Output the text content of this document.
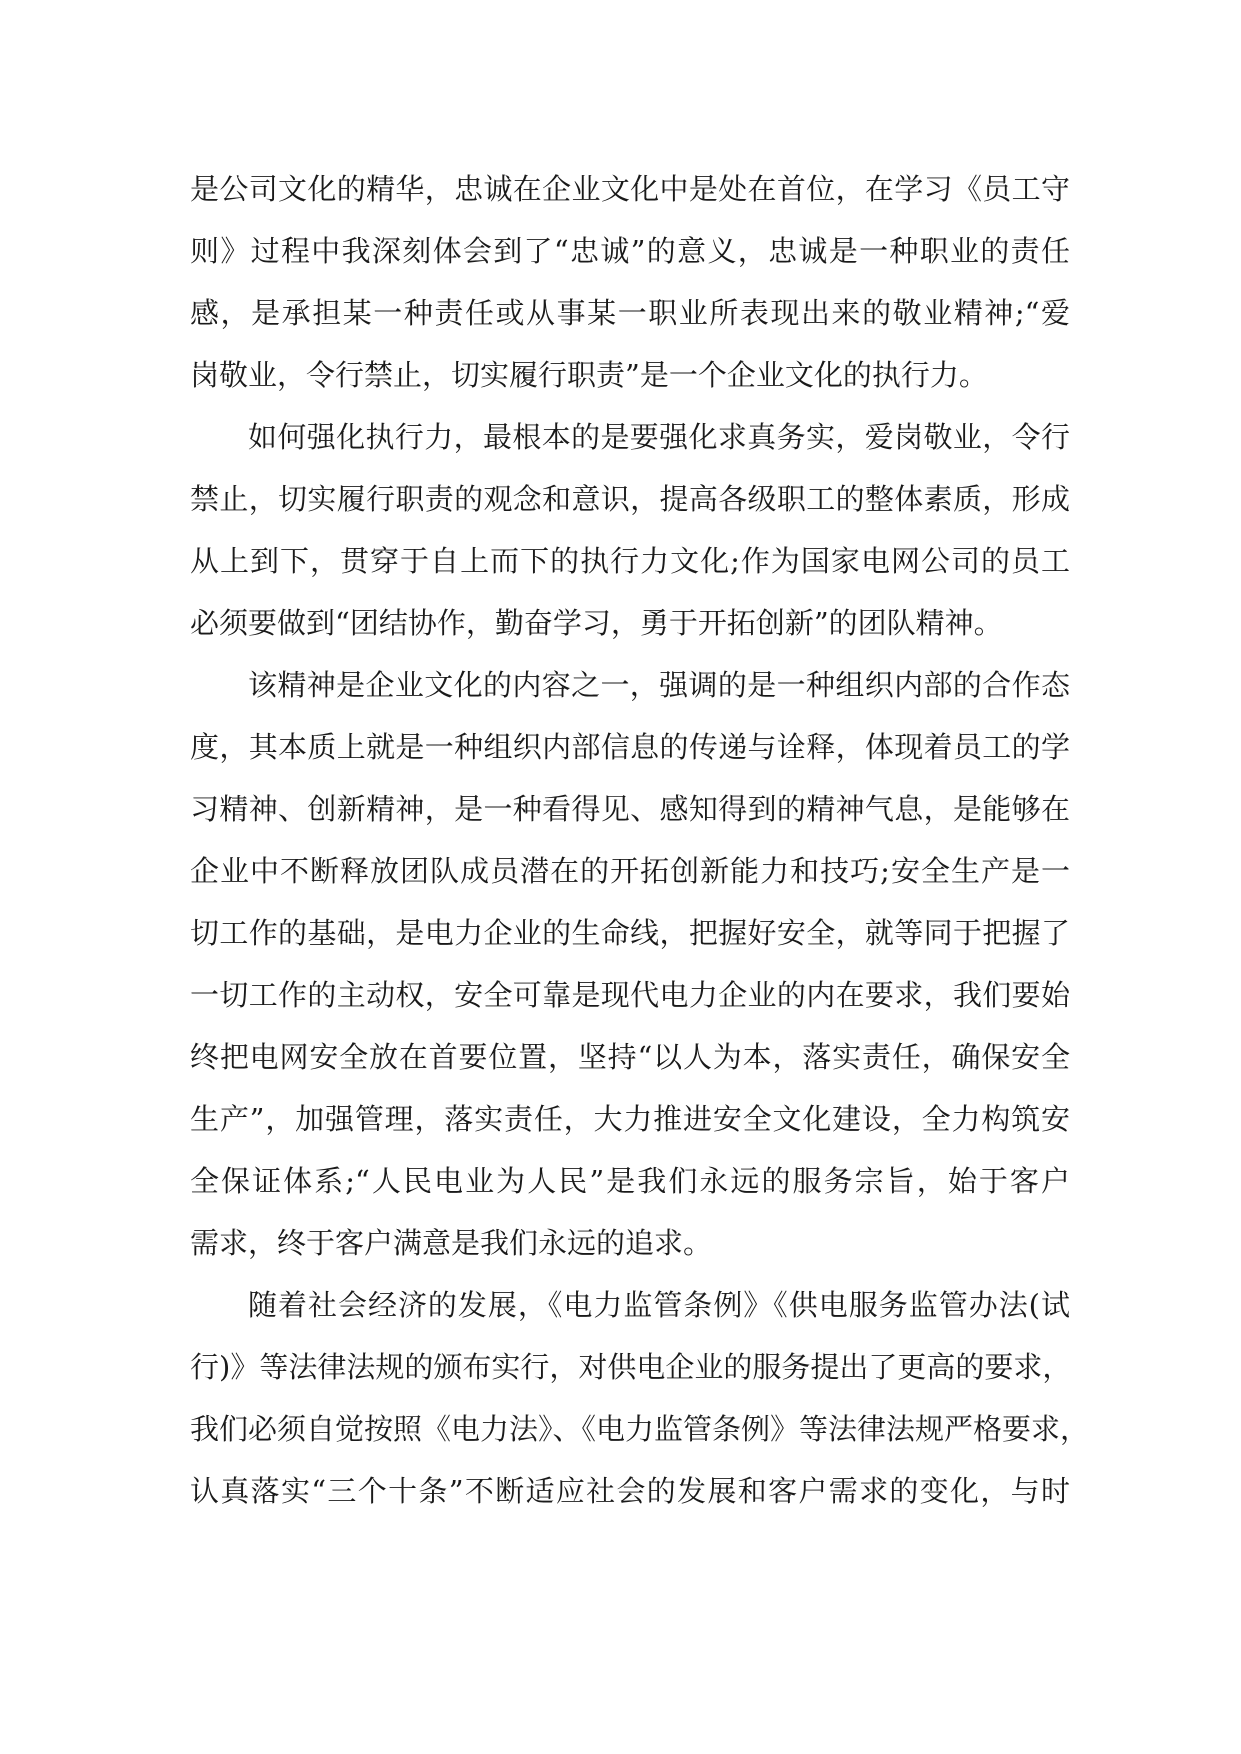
是公司文化的精华，忠诚在企业文化中是处在首位，在学习《员工守
则》过程中我深刻体会到了“忠诚”的意义，忠诚是一种职业的责任
感，是承担某一种责任或从事某一职业所表现出来的敬业精神;“爱
岗敬业，令行禁止，切实履行职责”是一个企业文化的执行力。
如何强化执行力，最根本的是要强化求真务实，爱岗敬业，令行
禁止，切实履行职责的观念和意识，提高各级职工的整体素质，形成
从上到下，贯穿于自上而下的执行力文化;作为国家电网公司的员工
必须要做到“团结协作，勤奋学习，勇于开拓创新”的团队精神。
该精神是企业文化的内容之一，强调的是一种组织内部的合作态
度，其本质上就是一种组织内部信息的传递与诠释，体现着员工的学
习精神、创新精神，是一种看得见、感知得到的精神气息，是能够在
企业中不断释放团队成员潜在的开拓创新能力和技巧;安全生产是一
切工作的基础，是电力企业的生命线，把握好安全，就等同于把握了
一切工作的主动权，安全可靠是现代电力企业的内在要求，我们要始
终把电网安全放在首要位置，坚持“以人为本，落实责任，确保安全
生产”，加强管理，落实责任，大力推进安全文化建设，全力构筑安
全保证体系;“人民电业为人民”是我们永远的服务宗旨，始于客户
需求，终于客户满意是我们永远的追求。
随着社会经济的发展，《电力监管条例》《供电服务监管办法(试
行)》等法律法规的颁布实行，对供电企业的服务提出了更高的要求，
我们必须自觉按照《电力法》、《电力监管条例》等法律法规严格要求，
认真落实“三个十条”不断适应社会的发展和客户需求的变化，与时
